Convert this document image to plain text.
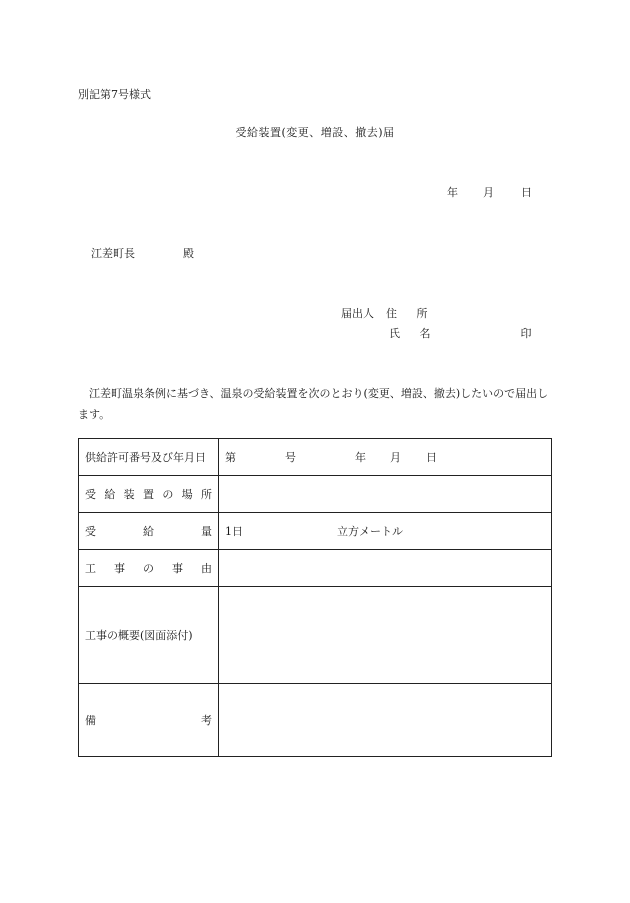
別記第7号様式
受給装置(変更、増設、撤去)届
年 月 日
江差町長	殿
届出人 住 所
氏 名	印
江差町温泉条例に基づき、温泉の受給装置を次のとおり(変更、増設、撤去)したいので届出します。
供給許可番号及び年月日	第 号 年 月 日
受給装置の場所	

受 給 量	1日 立方メートル
工事の事由	
工事の概要(図面添付)	

備 考	
